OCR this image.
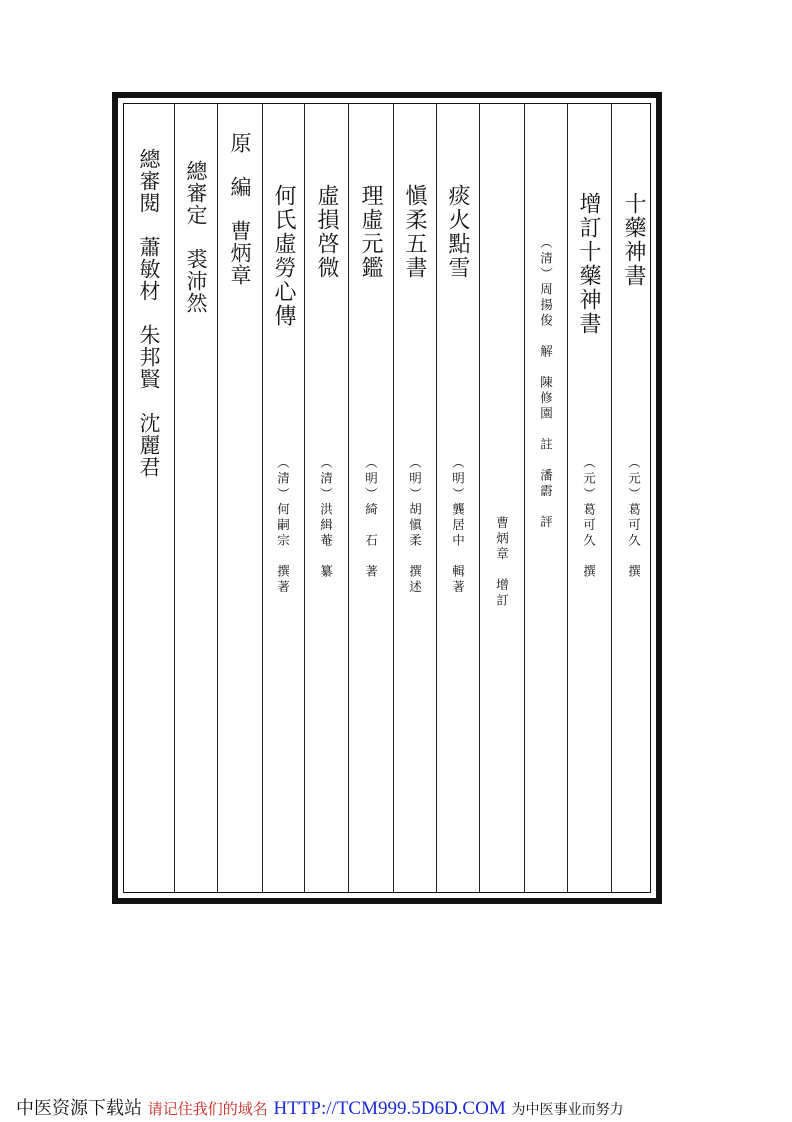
十藥神書
（元）葛可久　撰
增訂十藥神書
（元）葛可久　撰
（清）周揚俊　解　陳修園　註　潘霨　評
曹炳章　增訂
痰火點雪
（明）龔居中　輯著
愼柔五書
（明）胡愼柔　撰述
理虛元鑑
（明）綺　石　著
虛損啓微
（清）洪緝菴　纂
何氏虛勞心傳
（清）何嗣宗　撰著
原　編　曹炳章
總審定　裘沛然
總審閱　蕭敏材　朱邦賢　沈麗君
中医资源下载站 请记住我们的域名 HTTP://TCM999.5D6D.COM 为中医事业而努力
